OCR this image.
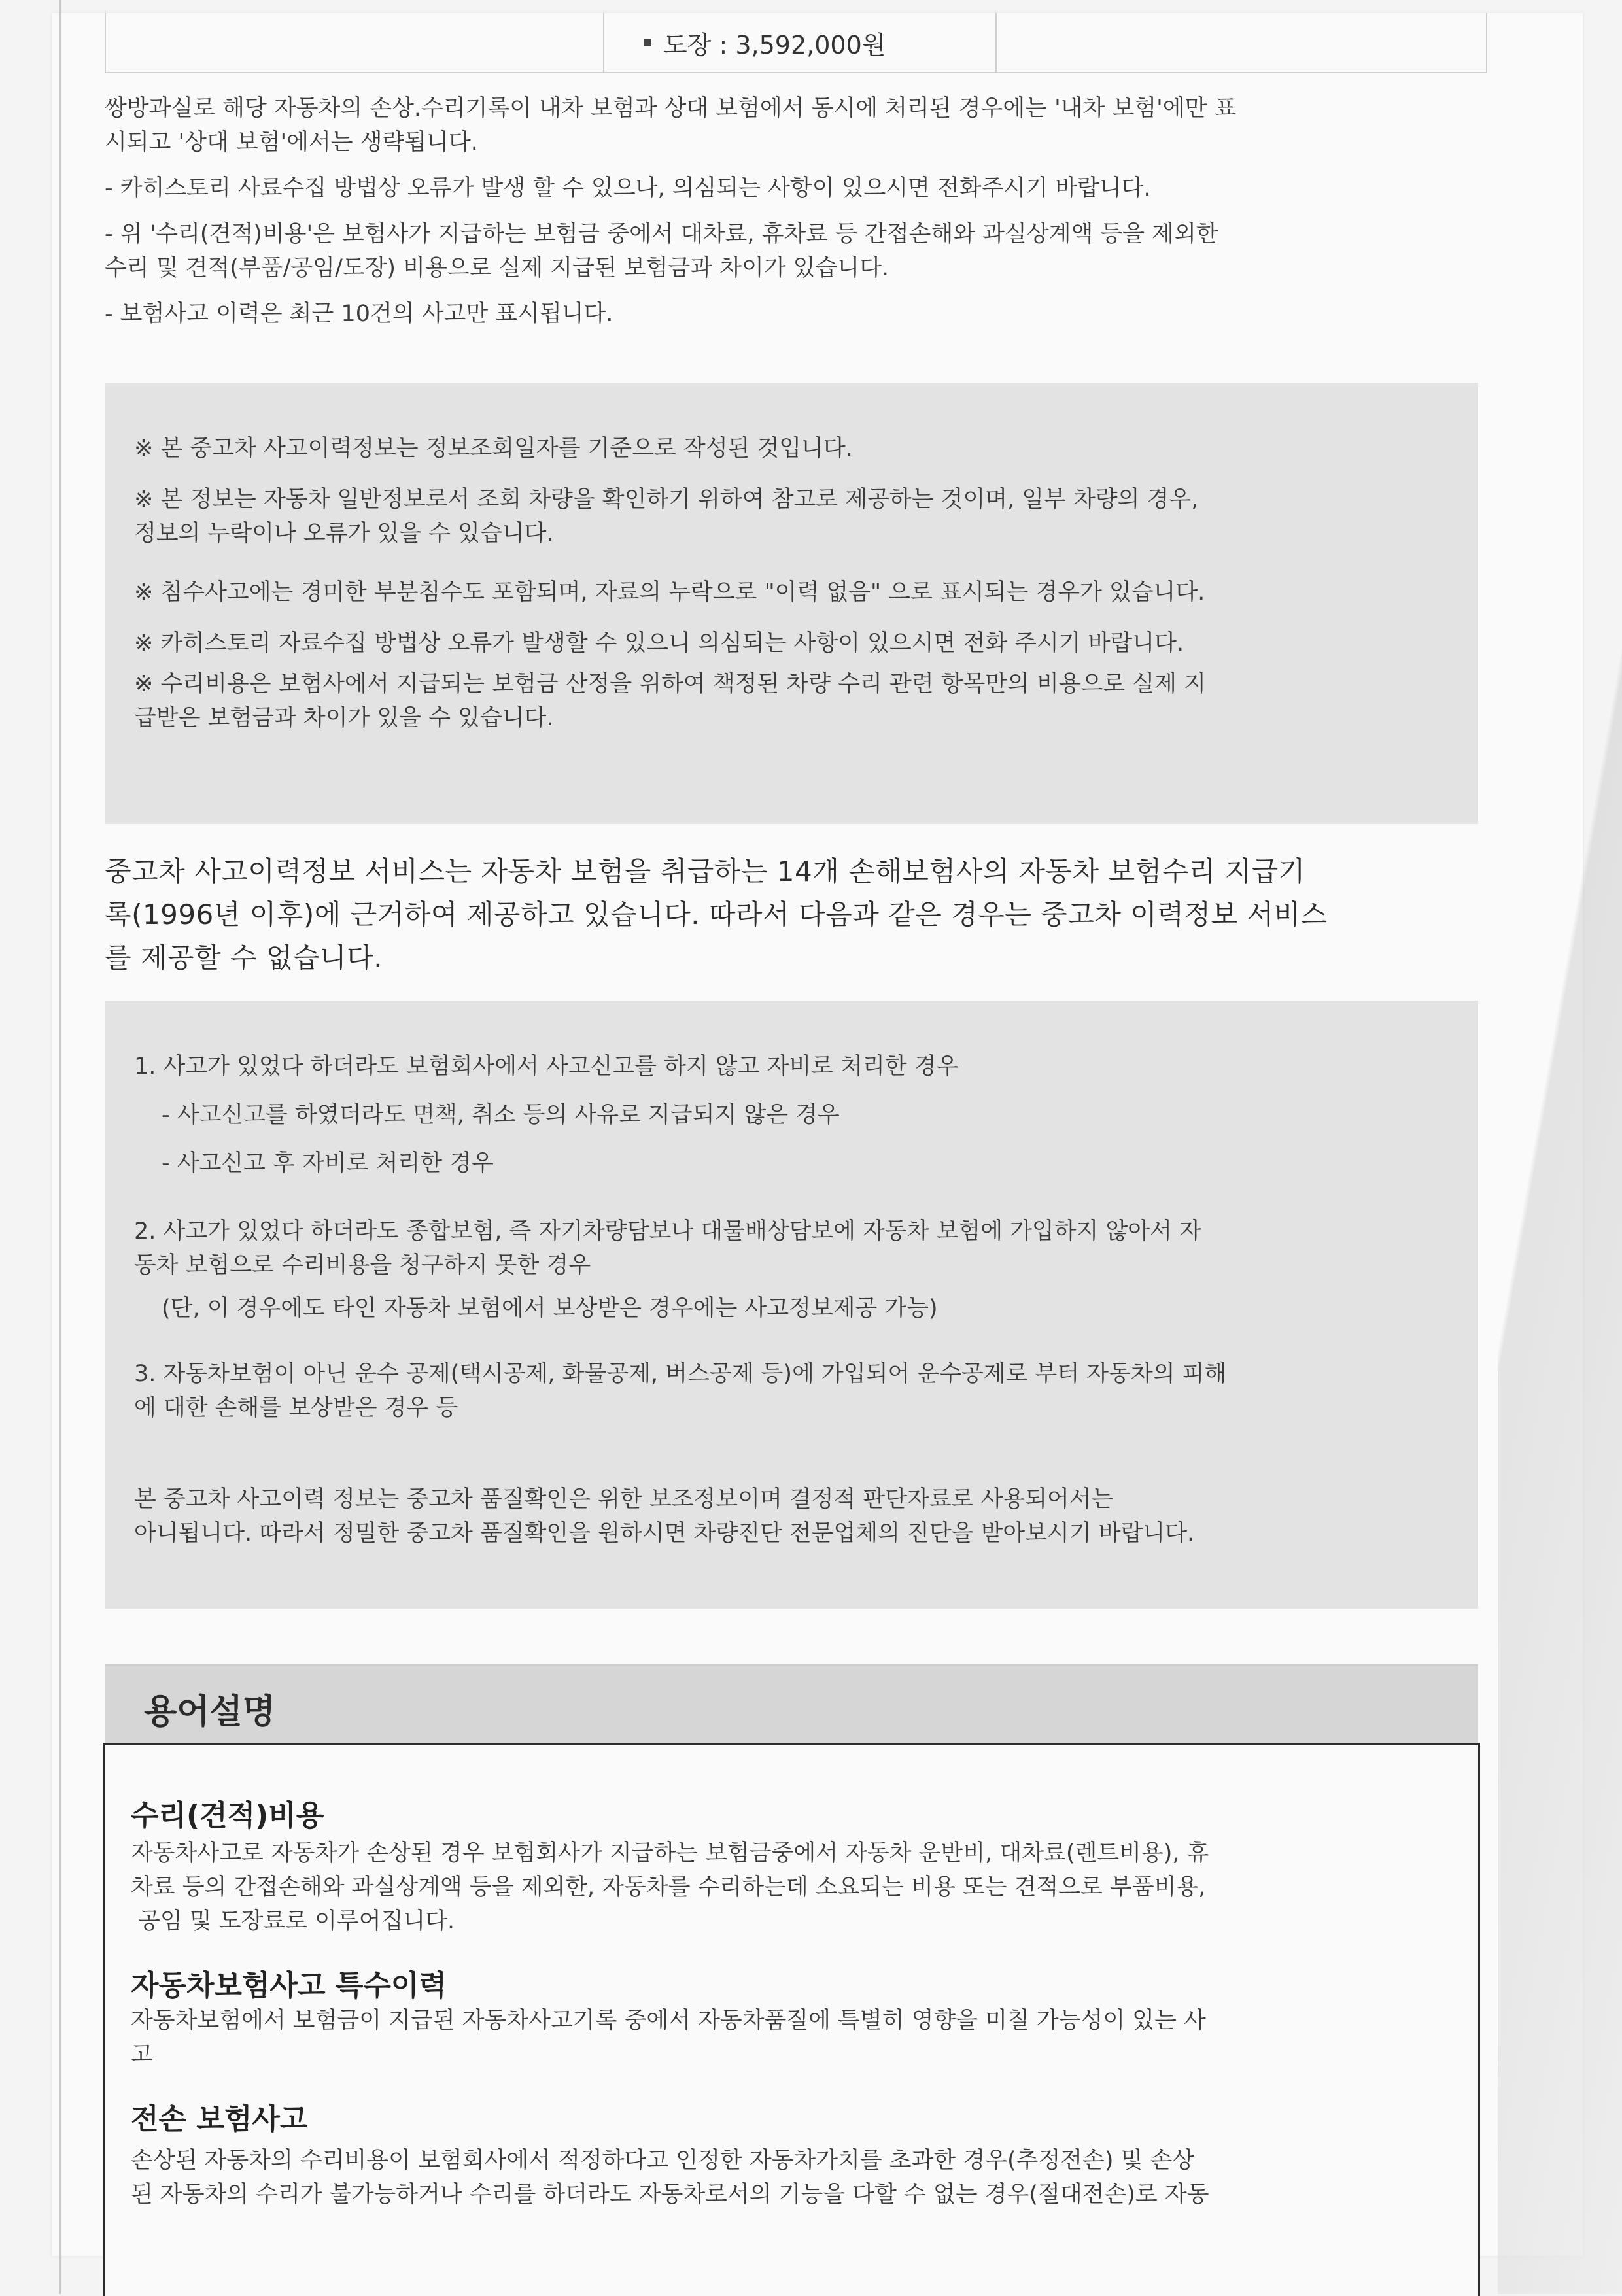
도장 : 3,592,000원
쌍방과실로 해당 자동차의 손상.수리기록이 내차 보험과 상대 보험에서 동시에 처리된 경우에는 '내차 보험'에만 표
시되고 '상대 보험'에서는 생략됩니다.
- 카히스토리 사료수집 방법상 오류가 발생 할 수 있으나, 의심되는 사항이 있으시면 전화주시기 바랍니다.
- 위 '수리(견적)비용'은 보험사가 지급하는 보험금 중에서 대차료, 휴차료 등 간접손해와 과실상계액 등을 제외한
수리 및 견적(부품/공임/도장) 비용으로 실제 지급된 보험금과 차이가 있습니다.
- 보험사고 이력은 최근 10건의 사고만 표시됩니다.
※ 본 중고차 사고이력정보는 정보조회일자를 기준으로 작성된 것입니다.
※ 본 정보는 자동차 일반정보로서 조회 차량을 확인하기 위하여 참고로 제공하는 것이며, 일부 차량의 경우,
정보의 누락이나 오류가 있을 수 있습니다.
※ 침수사고에는 경미한 부분침수도 포함되며, 자료의 누락으로 "이력 없음" 으로 표시되는 경우가 있습니다.
※ 카히스토리 자료수집 방법상 오류가 발생할 수 있으니 의심되는 사항이 있으시면 전화 주시기 바랍니다.
※ 수리비용은 보험사에서 지급되는 보험금 산정을 위하여 책정된 차량 수리 관련 항목만의 비용으로 실제 지
급받은 보험금과 차이가 있을 수 있습니다.
중고차 사고이력정보 서비스는 자동차 보험을 취급하는 14개 손해보험사의 자동차 보험수리 지급기
록(1996년 이후)에 근거하여 제공하고 있습니다. 따라서 다음과 같은 경우는 중고차 이력정보 서비스
를 제공할 수 없습니다.
1. 사고가 있었다 하더라도 보험회사에서 사고신고를 하지 않고 자비로 처리한 경우
- 사고신고를 하였더라도 면책, 취소 등의 사유로 지급되지 않은 경우
- 사고신고 후 자비로 처리한 경우
2. 사고가 있었다 하더라도 종합보험, 즉 자기차량담보나 대물배상담보에 자동차 보험에 가입하지 않아서 자
동차 보험으로 수리비용을 청구하지 못한 경우
(단, 이 경우에도 타인 자동차 보험에서 보상받은 경우에는 사고정보제공 가능)
3. 자동차보험이 아닌 운수 공제(택시공제, 화물공제, 버스공제 등)에 가입되어 운수공제로 부터 자동차의 피해
에 대한 손해를 보상받은 경우 등
본 중고차 사고이력 정보는 중고차 품질확인은 위한 보조정보이며 결정적 판단자료로 사용되어서는
아니됩니다. 따라서 정밀한 중고차 품질확인을 원하시면 차량진단 전문업체의 진단을 받아보시기 바랍니다.
용어설명
수리(견적)비용
자동차사고로 자동차가 손상된 경우 보험회사가 지급하는 보험금중에서 자동차 운반비, 대차료(렌트비용), 휴
차료 등의 간접손해와 과실상계액 등을 제외한, 자동차를 수리하는데 소요되는 비용 또는 견적으로 부품비용,
공임 및 도장료로 이루어집니다.
자동차보험사고 특수이력
자동차보험에서 보험금이 지급된 자동차사고기록 중에서 자동차품질에 특별히 영향을 미칠 가능성이 있는 사
고
전손 보험사고
손상된 자동차의 수리비용이 보험회사에서 적정하다고 인정한 자동차가치를 초과한 경우(추정전손) 및 손상
된 자동차의 수리가 불가능하거나 수리를 하더라도 자동차로서의 기능을 다할 수 없는 경우(절대전손)로 자동
